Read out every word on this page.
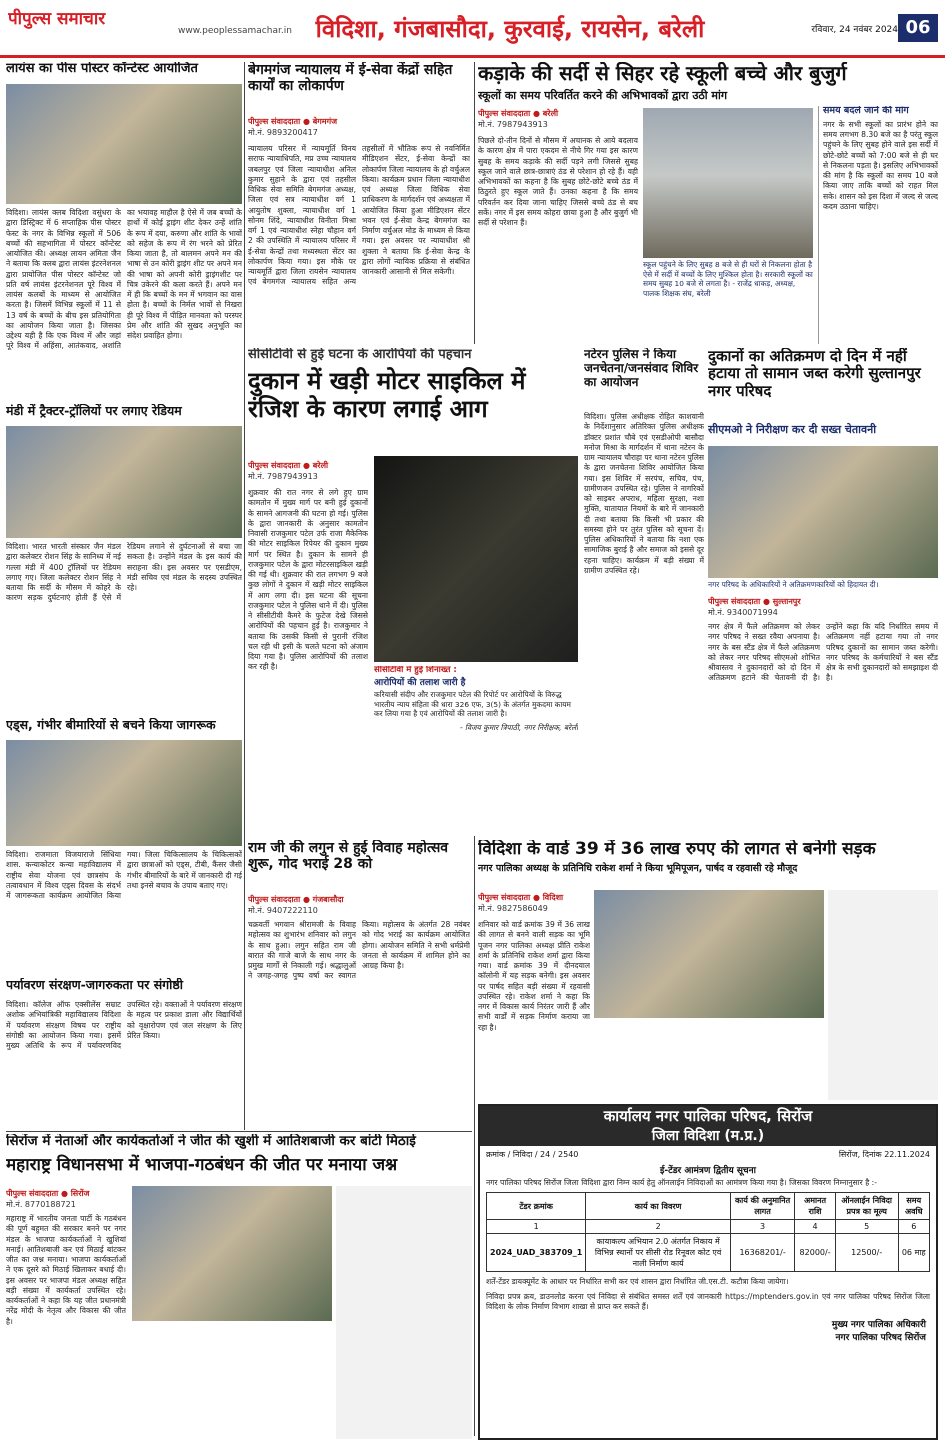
पीपुल्स समाचार
www.peoplessamachar.in विदिशा, गंजबासौदा, कुरवाई, रायसेन, बरेली	रविवार, 24 नवंबर 2024 06
लायंस का पीस पोस्टर कॉन्टेस्ट आयोजित
विदिशा। लायंस क्लब विदिशा वसुंधरा के द्वारा डिस्ट्रिक्ट में 6 सप्ताहिक पीस पोस्टर फेस्ट के नगर के विभिन्न स्कूलों में 506 बच्चों की सहभागिता में पोस्टर कॉन्टेस्ट आयोजित की। अध्यक्ष लायन अमिता जैन ने बताया कि क्लब द्वारा लायंस इंटरनेशनल द्वारा प्रायोजित पीस पोस्टर कॉन्टेस्ट जो प्रति वर्ष लायंस इंटरनेशनल पूरे विश्व में लायंस कलबों के माध्यम से आयोजित करता है। जिसमें विभिन्न स्कूलों में 11 से 13 वर्ष के बच्चों के बीच इस प्रतियोगिता का आयोजन किया जाता है। जिसका उद्देश्य यही है कि एक विश्व में और जहां पूरे विश्व में अहिंसा, आतंकवाद, अशांति का भयावह माहौल है ऐसे में जब बच्चों के हाथों में कोई ड्राइंग शीट देकर उन्हें शांति के रूप में दया, करुणा और शांति के भावों को सहेज के रूप में रंग भरने को प्रेरित किया जाता है, तो बालमन अपने मन की भाषा से उन कोरी ड्राइंग शीट पर अपने मन की भाषा को अपनी कोरी ड्राइंगशीट पर चित्र उकेरने की कला करते हैं। अपने मन में ही कि बच्चों के मन में भगवान का वास होता है। बच्चों के निर्मल भावों से निखरा ही पूरे विश्व में पीड़ित मानवता को परस्पर प्रेम और शांति की सुखद अनुभूति का संदेश प्रवाहित होगा।
बेगमगंज न्यायालय में ई-सेवा केंद्रों सहित कार्यों का लोकार्पण
पीपुल्स संवाददाता ● बेगमगंज
मो.नं. 9893200417
न्यायालय परिसर में न्यायमूर्ति विनय सराफ न्यायाधिपति, मप्र उच्च न्यायालय जबलपुर एवं जिला न्यायाधीश अनिल कुमार सुहाने के द्वारा एवं तहसील विधिक सेवा समिति बेगमगंज अध्यक्ष, जिला एवं सत्र न्यायाधीश वर्ग 1 आयुतोष शुक्ला, न्यायाधीश वर्ग 1 सोनम शिंदे, न्यायाधीश विनीता मिश्रा वर्ग 1 एवं न्यायाधीश स्नेहा चौहान वर्ग 2 की उपस्थिति में न्यायालय परिसर में ई-सेवा केन्द्रों तथा मध्यस्थता सेंटर का लोकार्पण किया गया। इस मौके पर न्यायमूर्ति द्वारा जिला रायसेन न्यायालय एवं बेगमगंज न्यायालय सहित अन्य तहसीलों में भौतिक रूप से नवनिर्मित मीडिएशन सेंटर, ई-सेवा केन्द्रों का लोकार्पण जिला न्यायालय के हो वर्चुअल किया। कार्यक्रम प्रधान जिला न्यायाधीश एवं अध्यक्ष जिला विधिक सेवा प्राधिकरण के मार्गदर्शन एवं अध्यक्षता में आयोजित किया हुआ मीडिएशन सेंटर भवन एवं ई-सेवा केन्द्र बेगमगंज का निर्माण वर्चुअल मोड के माध्यम से किया गया। इस अवसर पर न्यायाधीश श्री शुक्ला ने बताया कि ई-सेवा केन्द्र के द्वारा लोगों न्यायिक प्रक्रिया से संबंधित जानकारी आसानी से मिल सकेगी।
कड़ाके की सर्दी से सिहर रहे स्कूली बच्चे और बुजुर्ग
स्कूलों का समय परिवर्तित करने की अभिभावकों द्वारा उठी मांग
पीपुल्स संवाददाता ● बरेली
मो.नं. 7987943913
पिछले दो-तीन दिनों से मौसम में अचानक से आये बदलाव के कारण क्षेत्र में पारा एकदम से नीचे गिर गया इस कारण सुबह के समय कड़ाके की सर्दी पड़ने लगी जिससे सुबह स्कूल जाने वाले छात्र-छात्राएं ठंड से परेशान हो रहे हैं। वही अभिभावकों का कहना है कि सुबह छोटे-छोटे बच्चे ठंड में ठिठुरते हुए स्कूल जाते हैं। उनका कहना है कि समय परिवर्तन कर दिया जाना चाहिए जिससे बच्चे ठंड से बच सकें। नगर में इस समय कोहरा छाया हुआ है और बुजुर्ग भी सर्दी से परेशान हैं।
स्कूल पहुंचने के लिए सुबह 8 बजे से ही घरों से निकलना होता है ऐसे में सर्दी में बच्चों के लिए मुश्किल होता है। सरकारी स्कूलों का समय सुबह 10 बजे से लगता है। - राजेंद्र धाकड़, अध्यक्ष, पालक शिक्षक संघ, बरेली
समय बदले जाने की मांग
नगर के सभी स्कूलों का प्रारंभ होने का समय लगभग 8.30 बजे का है परंतु स्कूल पहुंचने के लिए सुबह होने वाले इस सर्दी में छोटे-छोटे बच्चों को 7:00 बजे से ही घर से निकलना पड़ता है। इसलिए अभिभावकों की मांग है कि स्कूलों का समय 10 बजे किया जाए ताकि बच्चों को राहत मिल सके। शासन को इस दिशा में जल्द से जल्द कदम उठाना चाहिए।
सीसीटीवी से हुई घटना के आरोपियों की पहचान
दुकान में खड़ी मोटर साइकिल में रंजिश के कारण लगाई आग
पीपुल्स संवाददाता ● बरेली
मो.नं. 7987943913
शुक्रवार की रात नगर से लगे हुए ग्राम कामतोन में मुख्य मार्ग पर बनी हुई दुकानों के सामने आगजनी की घटना हो गई। पुलिस के द्वारा जानकारी के अनुसार कामतोन निवासी राजकुमार पटेल उर्फ राजा मैकेनिक की मोटर साइकिल रिपेयर की दुकान मुख्य मार्ग पर स्थित है। दुकान के सामने ही राजकुमार पटेल के द्वारा मोटरसाइकिल खड़ी की गई थी। शुक्रवार की रात लगभग 9 बजे कुछ लोगों ने दुकान में खड़ी मोटर साइकिल में आग लगा दी। इस घटना की सूचना राजकुमार पटेल ने पुलिस थाने में दी। पुलिस ने सीसीटीवी कैमरे के फुटेज देखे जिससे आरोपियों की पहचान हुई है। राजकुमार ने बताया कि उसकी किसी से पुरानी रंजिश चल रही थी इसी के चलते घटना को अंजाम दिया गया है। पुलिस आरोपियों की तलाश कर रही है।	सीसीटीवी में हुई शिनाख्त :
आरोपियों की तलाश जारी है
करियासी संदीप और राजकुमार पटेल की रिपोर्ट पर आरोपियों के विरुद्ध भारतीय न्याय संहिता की धारा 326 एफ, 3(5) के अंतर्गत मुकदमा कायम कर लिया गया है एवं आरोपियों की तलाश जारी है।
- विजय कुमार त्रिपाठी, नगर निरीक्षक, बरेली
नटेरन पुलिस ने किया जनचेतना/जनसंवाद शिविर का आयोजन
विदिशा। पुलिस अधीक्षक रोहित काशवानी के निर्देशानुसार अतिरिक्त पुलिस अधीक्षक डॉक्टर प्रशांत चौबे एवं एसडीओपी बासौदा मनोज मिश्रा के मार्गदर्शन में थाना नटेरन के ग्राम न्यायालय चौराहा पर थाना नटेरन पुलिस के द्वारा जनचेतना शिविर आयोजित किया गया। इस शिविर में सरपंच, सचिव, पंच, ग्रामीणजन उपस्थित रहे। पुलिस ने नागरिकों को साइबर अपराध, महिला सुरक्षा, नशा मुक्ति, यातायात नियमों के बारे में जानकारी दी तथा बताया कि किसी भी प्रकार की समस्या होने पर तुरंत पुलिस को सूचना दें। पुलिस अधिकारियों ने बताया कि नशा एक सामाजिक बुराई है और समाज को इससे दूर रहना चाहिए। कार्यक्रम में बड़ी संख्या में ग्रामीण उपस्थित रहे।
दुकानों का अतिक्रमण दो दिन में नहीं हटाया तो सामान जब्त करेगी सुल्तानपुर नगर परिषद
सीएमओ ने निरीक्षण कर दी सख्त चेतावनी
नगर परिषद के अधिकारियों ने अतिक्रमणकारियों को हिदायत दी।
पीपुल्स संवाददाता ● सुल्तानपुर
मो.नं. 9340071994
नगर क्षेत्र में फैले अतिक्रमण को लेकर नगर परिषद ने सख्त रवैया अपनाया है। नगर के बस स्टैंड क्षेत्र में फैले अतिक्रमण को लेकर नगर परिषद सीएमओ शोभित श्रीवास्तव ने दुकानदारों को दो दिन में अतिक्रमण हटाने की चेतावनी दी है। उन्होंने कहा कि यदि निर्धारित समय में अतिक्रमण नहीं हटाया गया तो नगर परिषद दुकानों का सामान जब्त करेगी। नगर परिषद के कर्मचारियों ने बस स्टैंड क्षेत्र के सभी दुकानदारों को समझाइश दी है।
मंडी में ट्रैक्टर-ट्रॉलियों पर लगाए रेडियम
विदिशा। भारत भारती संस्कार जैन मंडल द्वारा कलेक्टर रोशन सिंह के सानिध्य में नई गल्ला मंडी में 400 ट्रॉलियों पर रेडियम लगाए गए। जिला कलेक्टर रोशन सिंह ने बताया कि सर्दी के मौसम में कोहरे के कारण सड़क दुर्घटनाएं होती हैं ऐसे में रेडियम लगाने से दुर्घटनाओं से बचा जा सकता है। उन्होंने मंडल के इस कार्य की सराहना की। इस अवसर पर एसडीएम, मंडी सचिव एवं मंडल के सदस्य उपस्थित रहे।
एड्स, गंभीर बीमारियों से बचने किया जागरूक
विदिशा। राजमाता विजयाराजे सिंधिया शास. कन्याकोटर कन्या महाविद्यालय में राष्ट्रीय सेवा योजना एवं छात्रसंघ के तत्वावधान में विश्व एड्स दिवस के संदर्भ में जागरूकता कार्यक्रम आयोजित किया गया। जिला चिकित्सालय के चिकित्सकों द्वारा छात्राओं को एड्स, टीबी, कैंसर जैसी गंभीर बीमारियों के बारे में जानकारी दी गई तथा इनसे बचाव के उपाय बताए गए।
पर्यावरण संरक्षण-जागरुकता पर संगोष्ठी
विदिशा। कॉलेज ऑफ एक्सीलेंस सम्राट अशोक अभियांत्रिकी महाविद्यालय विदिशा में पर्यावरण संरक्षण विषय पर राष्ट्रीय संगोष्ठी का आयोजन किया गया। इसमें मुख्य अतिथि के रूप में पर्यावरणविद उपस्थित रहे। वक्ताओं ने पर्यावरण संरक्षण के महत्व पर प्रकाश डाला और विद्यार्थियों को वृक्षारोपण एवं जल संरक्षण के लिए प्रेरित किया।
राम जी की लगुन से हुई विवाह महोत्सव शुरू, गोद भराई 28 को
पीपुल्स संवाददाता ● गंजबासौदा
मो.नं. 9407222110
चक्रवर्ती भगवान श्रीरामजी के विवाह महोत्सव का शुभारंभ शनिवार को लगुन के साथ हुआ। लगुन सहित राम जी बारात की गाजे बाजे के साथ नगर के प्रमुख मार्गों से निकाली गई। श्रद्धालुओं ने जगह-जगह पुष्प वर्षा कर स्वागत किया। महोत्सव के अंतर्गत 28 नवंबर को गोद भराई का कार्यक्रम आयोजित होगा। आयोजन समिति ने सभी धर्मप्रेमी जनता से कार्यक्रम में शामिल होने का आग्रह किया है।
विदिशा के वार्ड 39 में 36 लाख रुपए की लागत से बनेगी सड़क
नगर पालिका अध्यक्ष के प्रतिनिधि राकेश शर्मा ने किया भूमिपूजन, पार्षद व रहवासी रहे मौजूद
पीपुल्स संवाददाता ● विदिशा
मो.नं. 9827586049
शनिवार को वार्ड क्रमांक 39 में 36 लाख की लागत से बनने वाली सड़क का भूमि पूजन नगर पालिका अध्यक्ष प्रीति राकेश शर्मा के प्रतिनिधि राकेश शर्मा द्वारा किया गया। वार्ड क्रमांक 39 में दीनदयाल कॉलोनी में यह सड़क बनेगी। इस अवसर पर पार्षद सहित बड़ी संख्या में रहवासी उपस्थित रहे। राकेश शर्मा ने कहा कि नगर में विकास कार्य निरंतर जारी हैं और सभी वार्डों में सड़क निर्माण कराया जा रहा है।
सिरोंज में नेताओं और कार्यकर्ताओं ने जीत की खुशी में आतिशबाजी कर बांटी मिठाई
महाराष्ट्र विधानसभा में भाजपा-गठबंधन की जीत पर मनाया जश्न
पीपुल्स संवाददाता ● सिरोंज
मो.नं. 8770188721
महाराष्ट्र में भारतीय जनता पार्टी के गठबंधन की पूर्ण बहुमत की सरकार बनने पर नगर मंडल के भाजपा कार्यकर्ताओं ने खुशियां मनाई। आतिशबाजी कर एवं मिठाई बांटकर जीत का जश्न मनाया। भाजपा कार्यकर्ताओं ने एक दूसरे को मिठाई खिलाकर बधाई दी। इस अवसर पर भाजपा मंडल अध्यक्ष सहित बड़ी संख्या में कार्यकर्ता उपस्थित रहे। कार्यकर्ताओं ने कहा कि यह जीत प्रधानमंत्री नरेंद्र मोदी के नेतृत्व और विकास की जीत है।
कार्यालय नगर पालिका परिषद, सिरोंज
जिला विदिशा (म.प्र.)
क्रमांक / निविदा / 24 / 2540	सिरोंज, दिनांक 22.11.2024
ई-टेंडर आमंत्रण द्वितीय सूचना
नगर पालिका परिषद सिरोंज जिला विदिशा द्वारा निम्न कार्य हेतु ऑनलाईन निविदाओं का आमंत्रण किया गया है। जिसका विवरण निम्नानुसार है :-
टेंडर क्रमांक	कार्य का विवरण	कार्य की अनुमानित लागत	अमानत राशि	ऑनलाईन निविदा प्रपत्र का मूल्य	समय अवधि
1	2	3	4	5	6
2024_UAD_383709_1	कायाकल्प अभियान 2.0 अंतर्गत निकाय में विभिन्न स्थानों पर सीसी रोड रिनूवल कोट एवं नाली निर्माण कार्य	16368201/-	82000/-	12500/-	06 माह
शर्तें-टेंडर डायक्यूमेंट के आधार पर निर्धारित सभी कर एवं शासन द्वारा निर्धारित जी.एस.टी. कटौत्रा किया जायेगा।
निविदा प्रपत्र क्रय, डाउनलोड करना एवं निविदा से संबंधित समस्त शर्तें एवं जानकारी https://mptenders.gov.in एवं नगर पालिका परिषद सिरोंज जिला विदिशा के लोक निर्माण विभाग शाखा से प्राप्त कर सकते हैं।
मुख्य नगर पालिका अधिकारी
नगर पालिका परिषद सिरोंज
